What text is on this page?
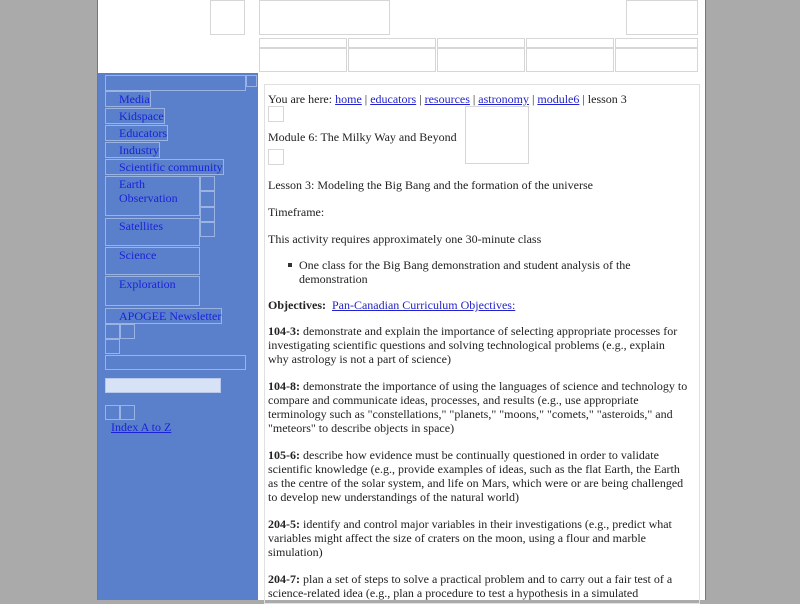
Media
Kidspace
Educators
Industry
Scientific community
Earth Observation
Satellites
Science
Exploration
APOGEE Newsletter
Index A to Z
You are here: home | educators | resources | astronomy | module6 | lesson 3
Module 6: The Milky Way and Beyond
Lesson 3: Modeling the Big Bang and the formation of the universe
Timeframe:
This activity requires approximately one 30-minute class
One class for the Big Bang demonstration and student analysis of the demonstration
Objectives: Pan-Canadian Curriculum Objectives:
104-3: demonstrate and explain the importance of selecting appropriate processes for investigating scientific questions and solving technological problems (e.g., explain why astrology is not a part of science)
104-8: demonstrate the importance of using the languages of science and technology to compare and communicate ideas, processes, and results (e.g., use appropriate terminology such as "constellations," "planets," "moons," "comets," "asteroids," and "meteors" to describe objects in space)
105-6: describe how evidence must be continually questioned in order to validate scientific knowledge (e.g., provide examples of ideas, such as the flat Earth, the Earth as the centre of the solar system, and life on Mars, which were or are being challenged to develop new understandings of the natural world)
204-5: identify and control major variables in their investigations (e.g., predict what variables might affect the size of craters on the moon, using a flour and marble simulation)
204-7: plan a set of steps to solve a practical problem and to carry out a fair test of a science-related idea (e.g., plan a procedure to test a hypothesis in a simulated
